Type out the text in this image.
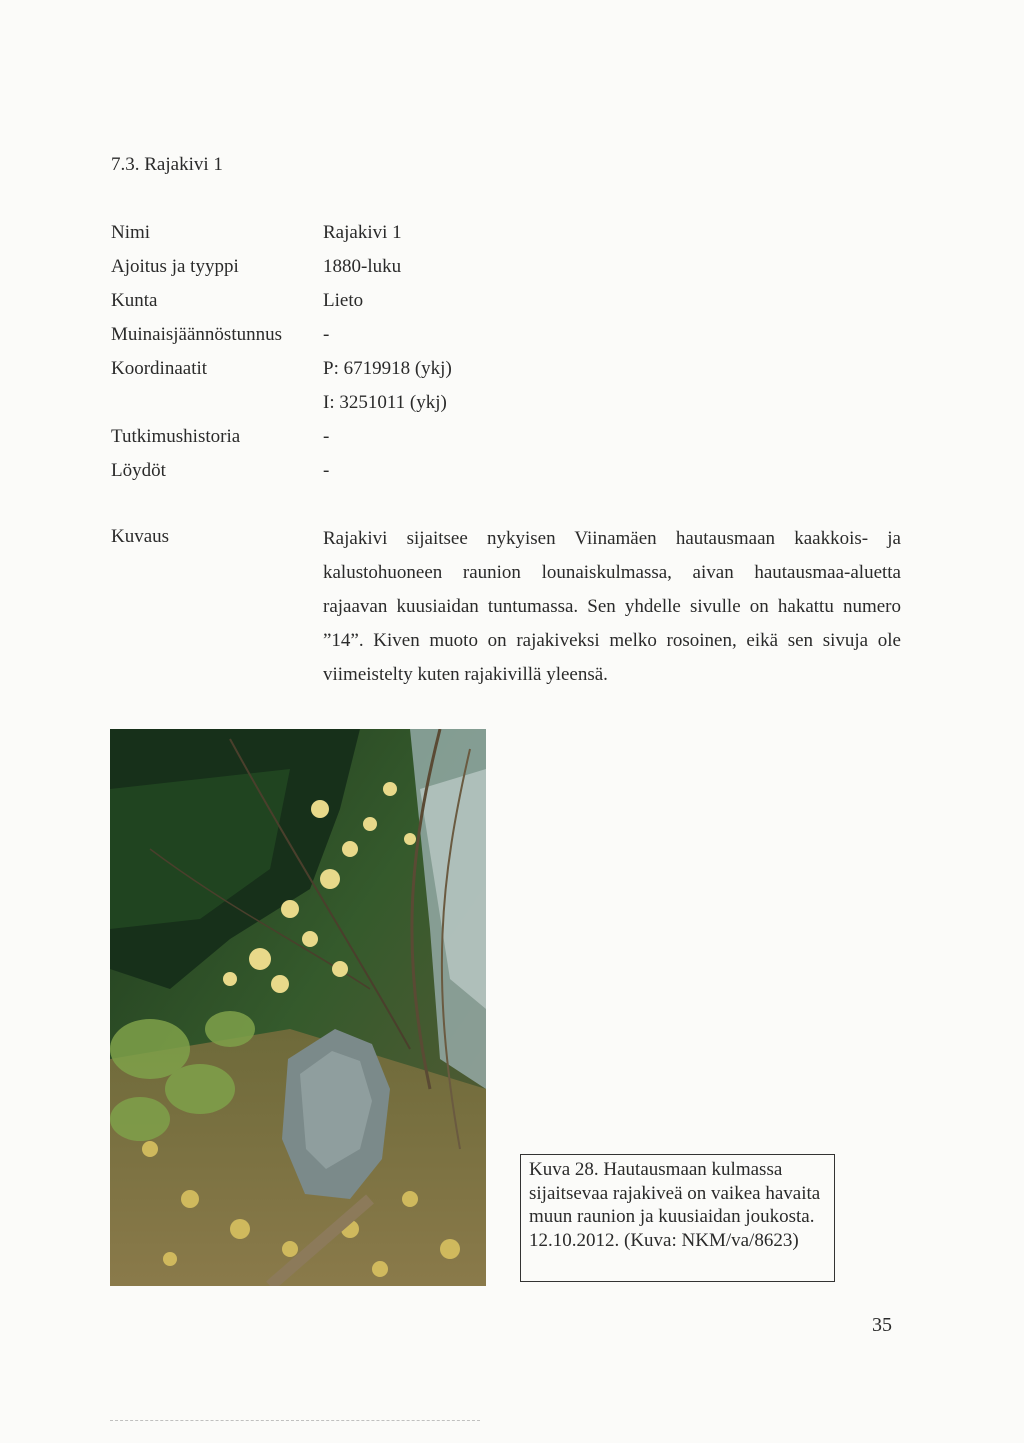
7.3. Rajakivi 1
Nimi	Rajakivi 1
Ajoitus ja tyyppi	1880-luku
Kunta	Lieto
Muinaisjäännöstunnus -
Koordinaatit	P: 6719918 (ykj)
I: 3251011 (ykj)
Tutkimushistoria	-
Löydöt	-
Kuvaus	Rajakivi sijaitsee nykyisen Viinamäen hautausmaan kaakkois- ja kalustohuoneen raunion lounaiskulmassa, aivan hautausmaa-aluetta rajaavan kuusiaidan tuntumassa. Sen yhdelle sivulle on hakattu numero ”14”. Kiven muoto on rajakiveksi melko rosoinen, eikä sen sivuja ole viimeistelty kuten rajakivillä yleensä.
Kuva 28. Hautausmaan kulmassa sijaitsevaa rajakiveä on vaikea havaita muun raunion ja kuusiaidan joukosta. 12.10.2012. (Kuva: NKM/va/8623)
35
